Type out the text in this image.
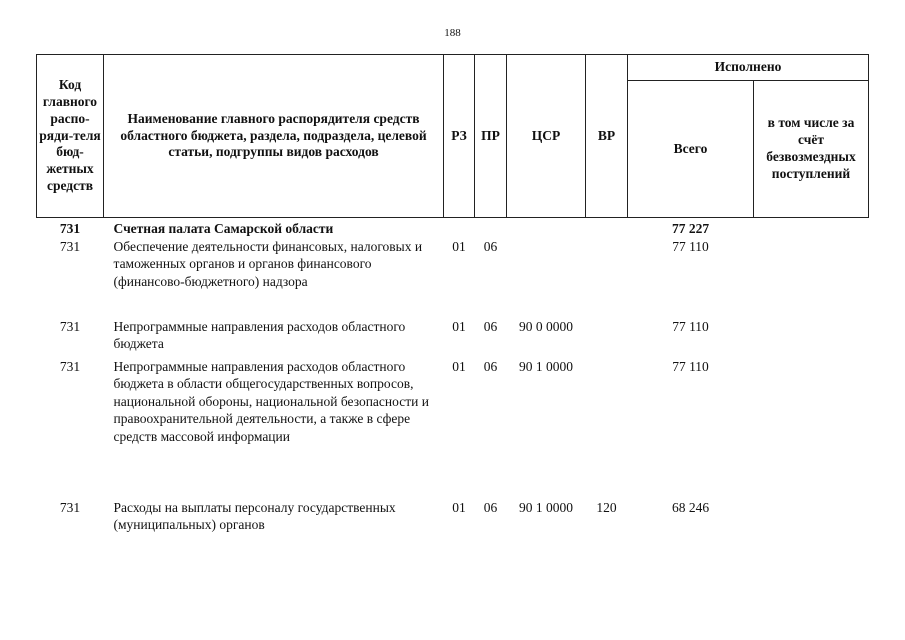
188
Код главного распо-ряди-теля бюд-жетных средств	Наименование главного распорядителя средств областного бюджета, раздела, подраздела, целевой статьи, подгруппы видов расходов	РЗ	ПР	ЦСР	ВР	Исполнено	
						Всего	в том числе за счёт безвозмездных поступлений
731	Счетная палата Самарской области					77 227	
731	Обеспечение деятельности финансовых, налоговых и таможенных органов и органов финансового (финансово-бюджетного) надзора	01	06			77 110	
731	Непрограммные направления расходов областного бюджета	01	06	90 0 0000		77 110	
731	Непрограммные направления расходов областного бюджета в области общегосударственных вопросов, национальной обороны, национальной безопасности и правоохранительной деятельности, а также в сфере средств массовой информации	01	06	90 1 0000		77 110	
731	Расходы на выплаты персоналу государственных (муниципальных) органов	01	06	90 1 0000	120	68 246	
